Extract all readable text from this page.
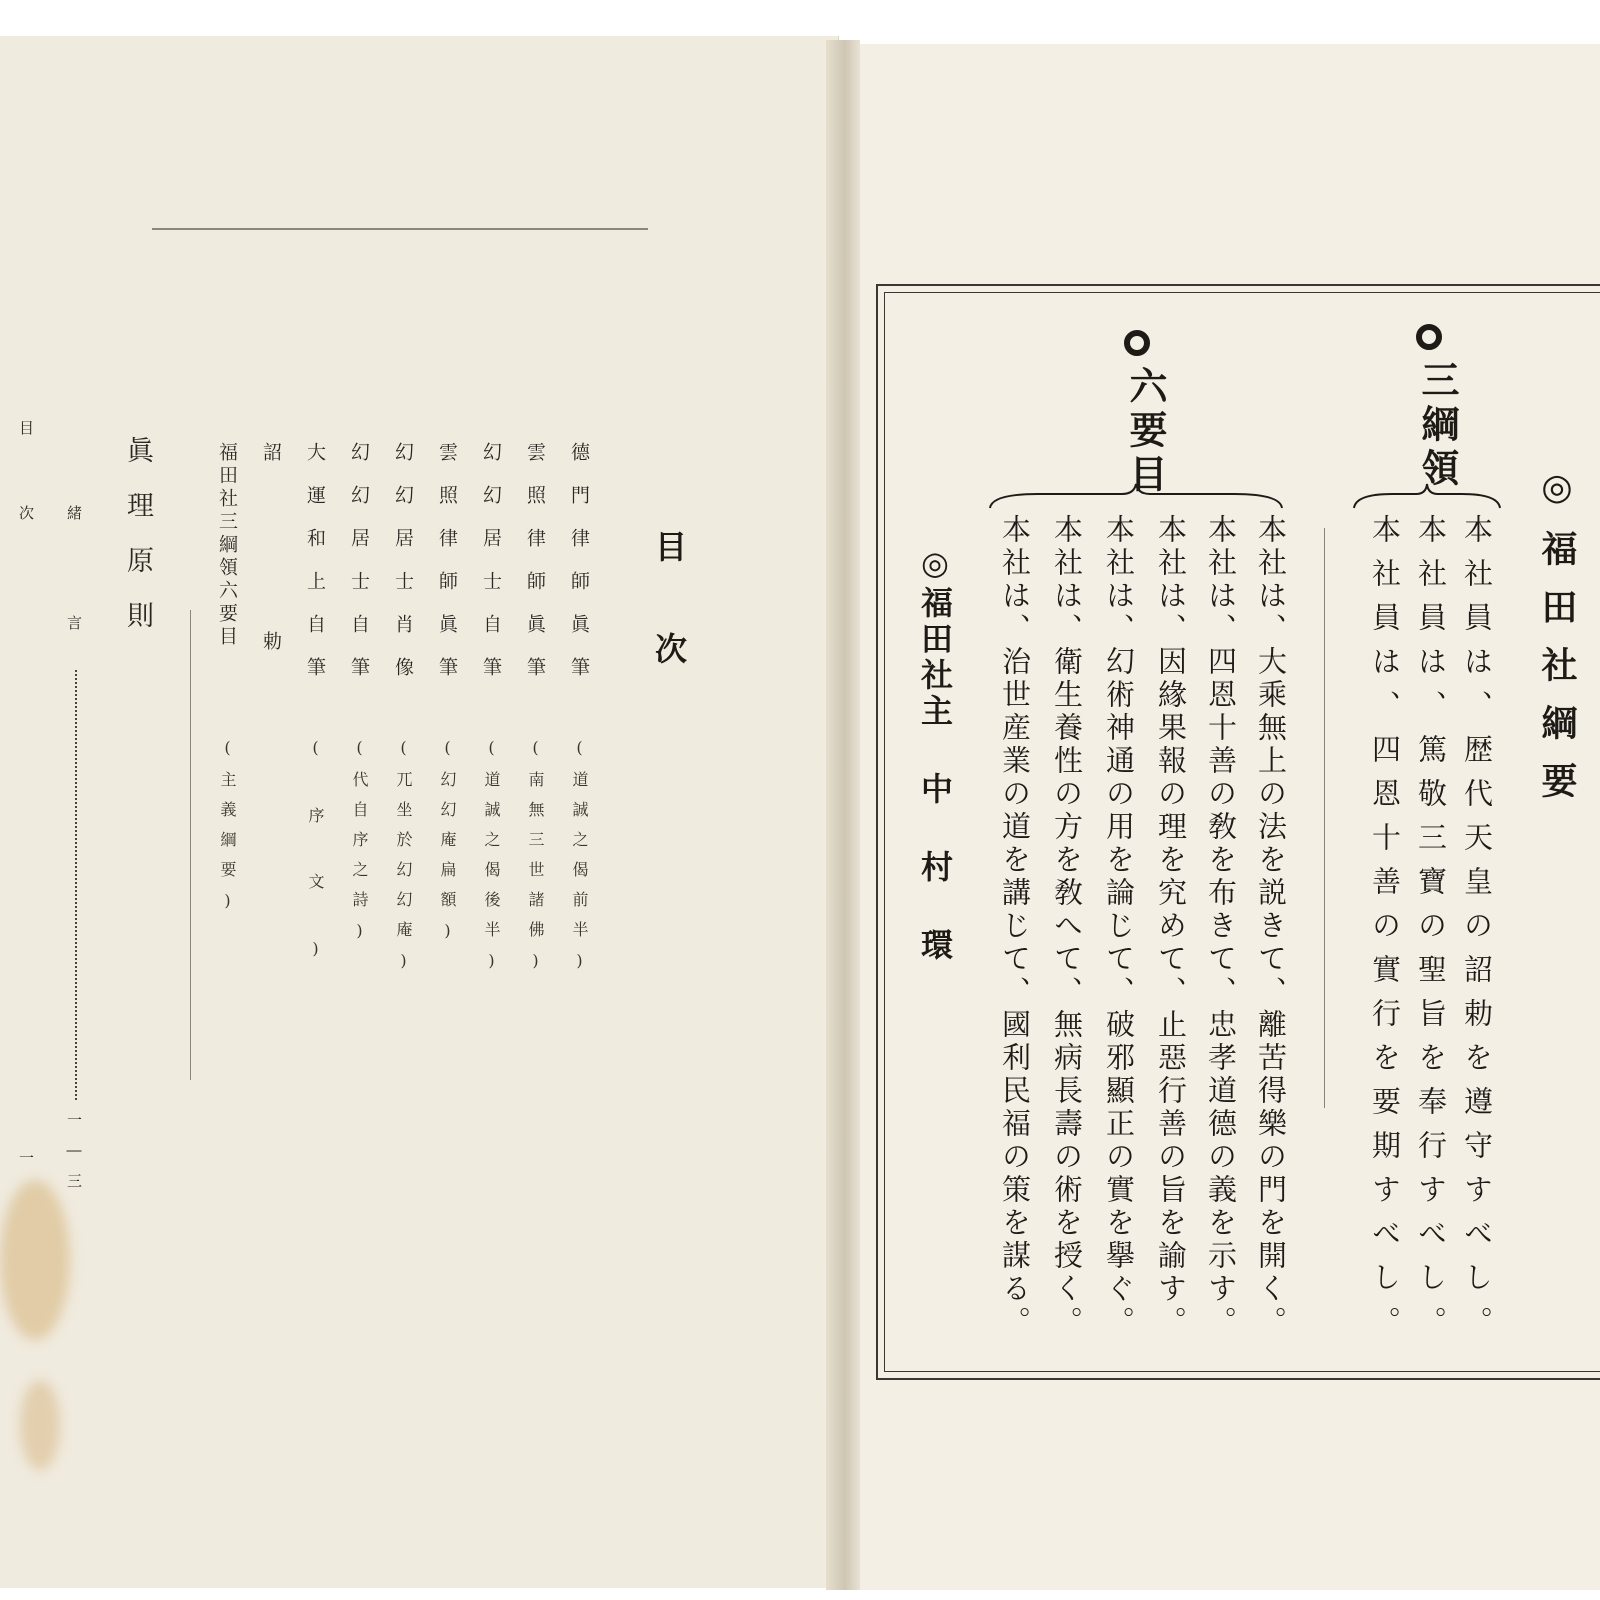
目次
德門律師眞筆
(道誠之偈前半)
雲照律師眞筆
(南無三世諸佛)
幻幻居士自筆
(道誠之偈後半)
雲照律師眞筆
(幻幻庵扁額)
幻幻居士肖像
(兀坐於幻幻庵)
幻幻居士自筆
(代自序之詩)
大運和上自筆
(序文)
詔勅
福田社三綱領六要目
(主義綱要)
眞理原則
緒言
一―三
目次
一
◎福田社綱要
三綱領
本社員は、歴代天皇の詔勅を遵守すべし。
本社員は、篤敬三寶の聖旨を奉行すべし。
本社員は、四恩十善の實行を要期すべし。
六要目
本社は、大乘無上の法を説きて、離苦得樂の門を開く。
本社は、四恩十善の敎を布きて、忠孝道德の義を示す。
本社は、因緣果報の理を究めて、止惡行善の旨を諭す。
本社は、幻術神通の用を論じて、破邪顯正の實を擧ぐ。
本社は、衛生養性の方を敎へて、無病長壽の術を授く。
本社は、治世産業の道を講じて、國利民福の策を謀る。
◎福田社主 中 村 環
